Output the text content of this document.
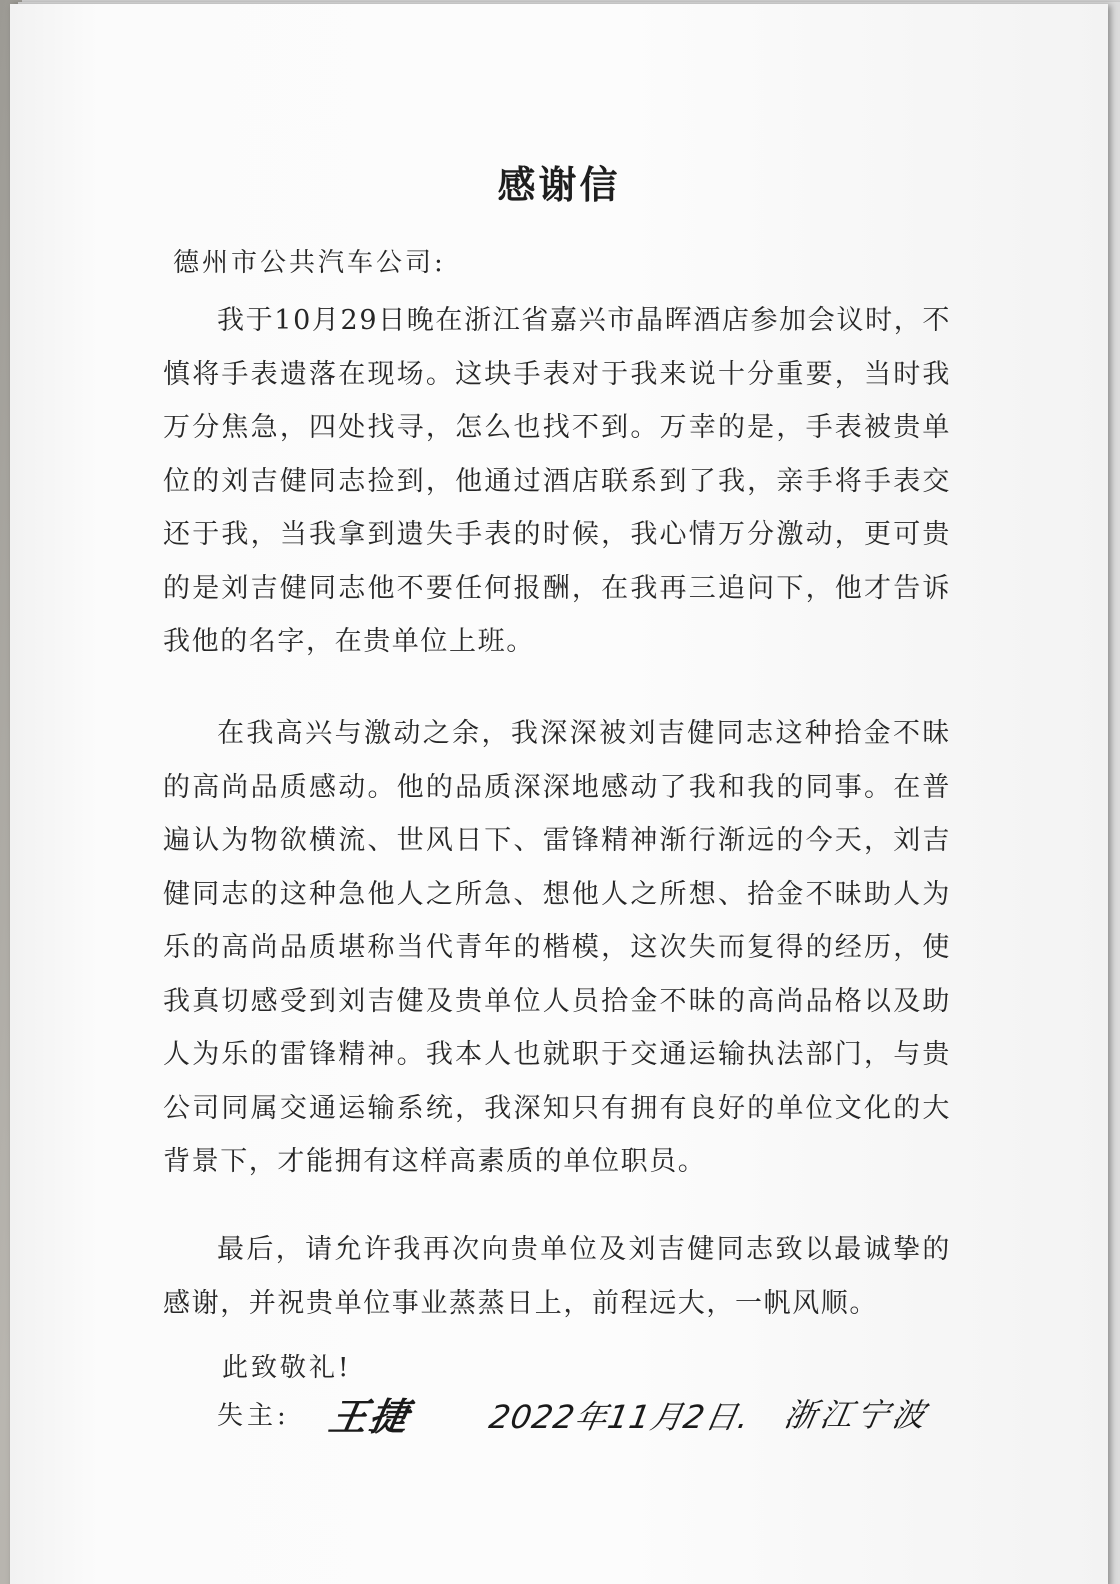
感谢信
德州市公共汽车公司:

我于10月29日晚在浙江省嘉兴市晶晖酒店参加会议时，不慎将手表遗落在现场。这块手表对于我来说十分重要，当时我万分焦急，四处找寻，怎么也找不到。万幸的是，手表被贵单位的刘吉健同志捡到，他通过酒店联系到了我，亲手将手表交还于我，当我拿到遗失手表的时候，我心情万分激动，更可贵的是刘吉健同志他不要任何报酬，在我再三追问下，他才告诉我他的名字，在贵单位上班。

在我高兴与激动之余，我深深被刘吉健同志这种拾金不昧的高尚品质感动。他的品质深深地感动了我和我的同事。在普遍认为物欲横流、世风日下、雷锋精神渐行渐远的今天，刘吉健同志的这种急他人之所急、想他人之所想、拾金不昧助人为乐的高尚品质堪称当代青年的楷模，这次失而复得的经历，使我真切感受到刘吉健及贵单位人员拾金不昧的高尚品格以及助人为乐的雷锋精神。我本人也就职于交通运输执法部门，与贵公司同属交通运输系统，我深知只有拥有良好的单位文化的大背景下，才能拥有这样高素质的单位职员。

最后，请允许我再次向贵单位及刘吉健同志致以最诚挚的感谢，并祝贵单位事业蒸蒸日上，前程远大，一帆风顺。

此致敬礼!
失主: 王捷 2022年11月2日. 浙江宁波
